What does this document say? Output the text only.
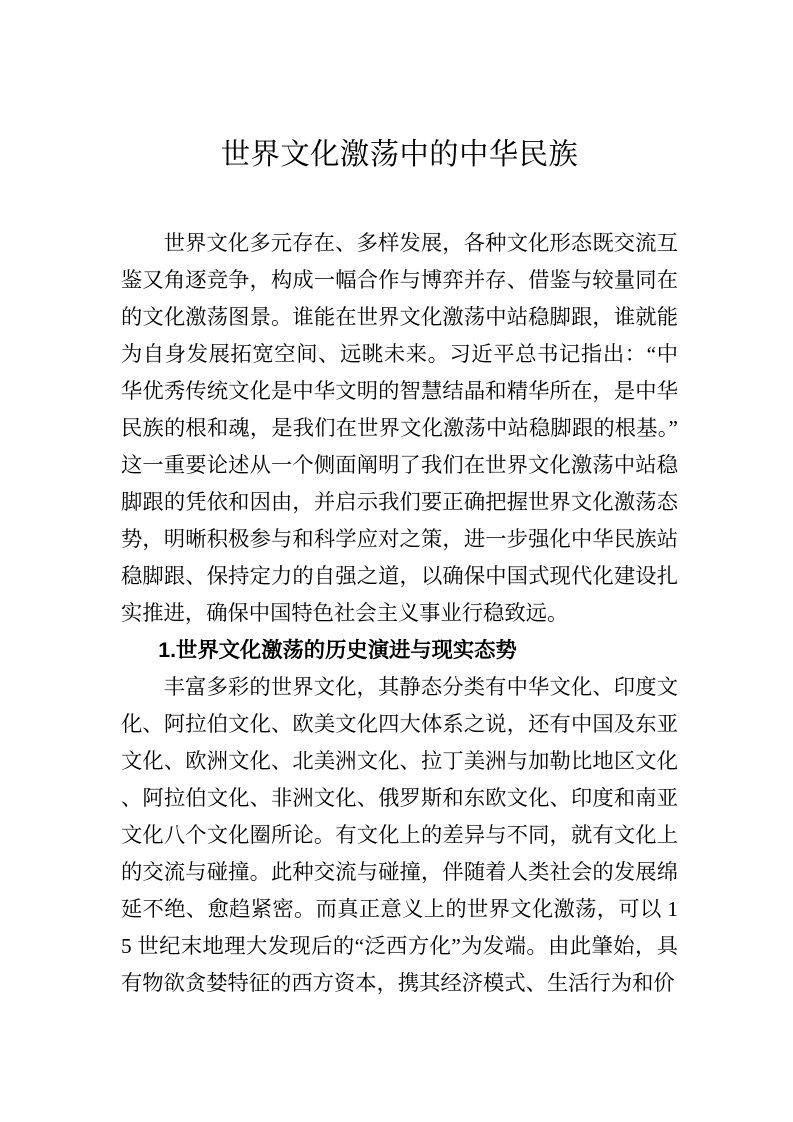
世界文化激荡中的中华民族

世界文化多元存在、多样发展，各种文化形态既交流互鉴又角逐竞争，构成一幅合作与博弈并存、借鉴与较量同在的文化激荡图景。谁能在世界文化激荡中站稳脚跟，谁就能为自身发展拓宽空间、远眺未来。习近平总书记指出：“中华优秀传统文化是中华文明的智慧结晶和精华所在，是中华民族的根和魂，是我们在世界文化激荡中站稳脚跟的根基。”这一重要论述从一个侧面阐明了我们在世界文化激荡中站稳脚跟的凭依和因由，并启示我们要正确把握世界文化激荡态势，明晰积极参与和科学应对之策，进一步强化中华民族站稳脚跟、保持定力的自强之道，以确保中国式现代化建设扎实推进，确保中国特色社会主义事业行稳致远。

1.世界文化激荡的历史演进与现实态势

丰富多彩的世界文化，其静态分类有中华文化、印度文化、阿拉伯文化、欧美文化四大体系之说，还有中国及东亚文化、欧洲文化、北美洲文化、拉丁美洲与加勒比地区文化、阿拉伯文化、非洲文化、俄罗斯和东欧文化、印度和南亚文化八个文化圈所论。有文化上的差异与不同，就有文化上的交流与碰撞。此种交流与碰撞，伴随着人类社会的发展绵延不绝、愈趋紧密。而真正意义上的世界文化激荡，可以 15 世纪末地理大发现后的“泛西方化”为发端。由此肇始，具有物欲贪婪特征的西方资本，携其经济模式、生活行为和价
